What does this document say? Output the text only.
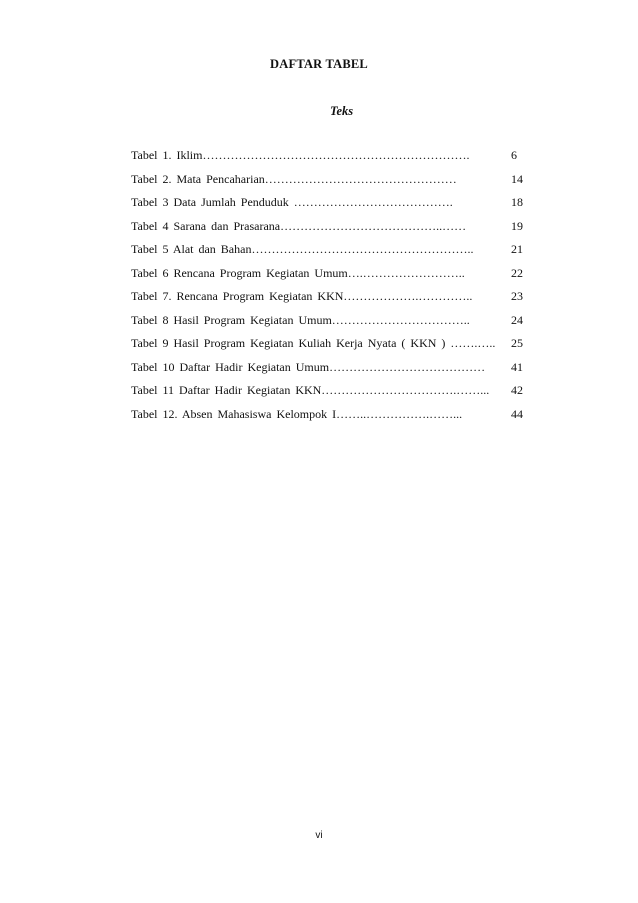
DAFTAR TABEL
Teks
Tabel 1. Iklim………………………………………………………….	6
Tabel 2. Mata Pencaharian…………………………………………	14
Tabel 3 Data Jumlah Penduduk ………………………………….	18
Tabel 4 Sarana dan Prasarana…………………………………..……	19
Tabel 5 Alat dan Bahan………………………………………………..	21
Tabel 6 Rencana Program Kegiatan Umum….……………………..	22
Tabel 7. Rencana Program Kegiatan KKN……………….…………..	23
Tabel 8 Hasil Program Kegiatan Umum……………………………..	24
Tabel 9 Hasil Program Kegiatan Kuliah Kerja Nyata ( KKN ) …….….. 25
Tabel 10 Daftar Hadir Kegiatan Umum………………………………… 41
Tabel 11 Daftar Hadir Kegiatan KKN…………………………….……... 42
Tabel 12. Absen Mahasiswa Kelompok I……..…………….……...	44
vi
